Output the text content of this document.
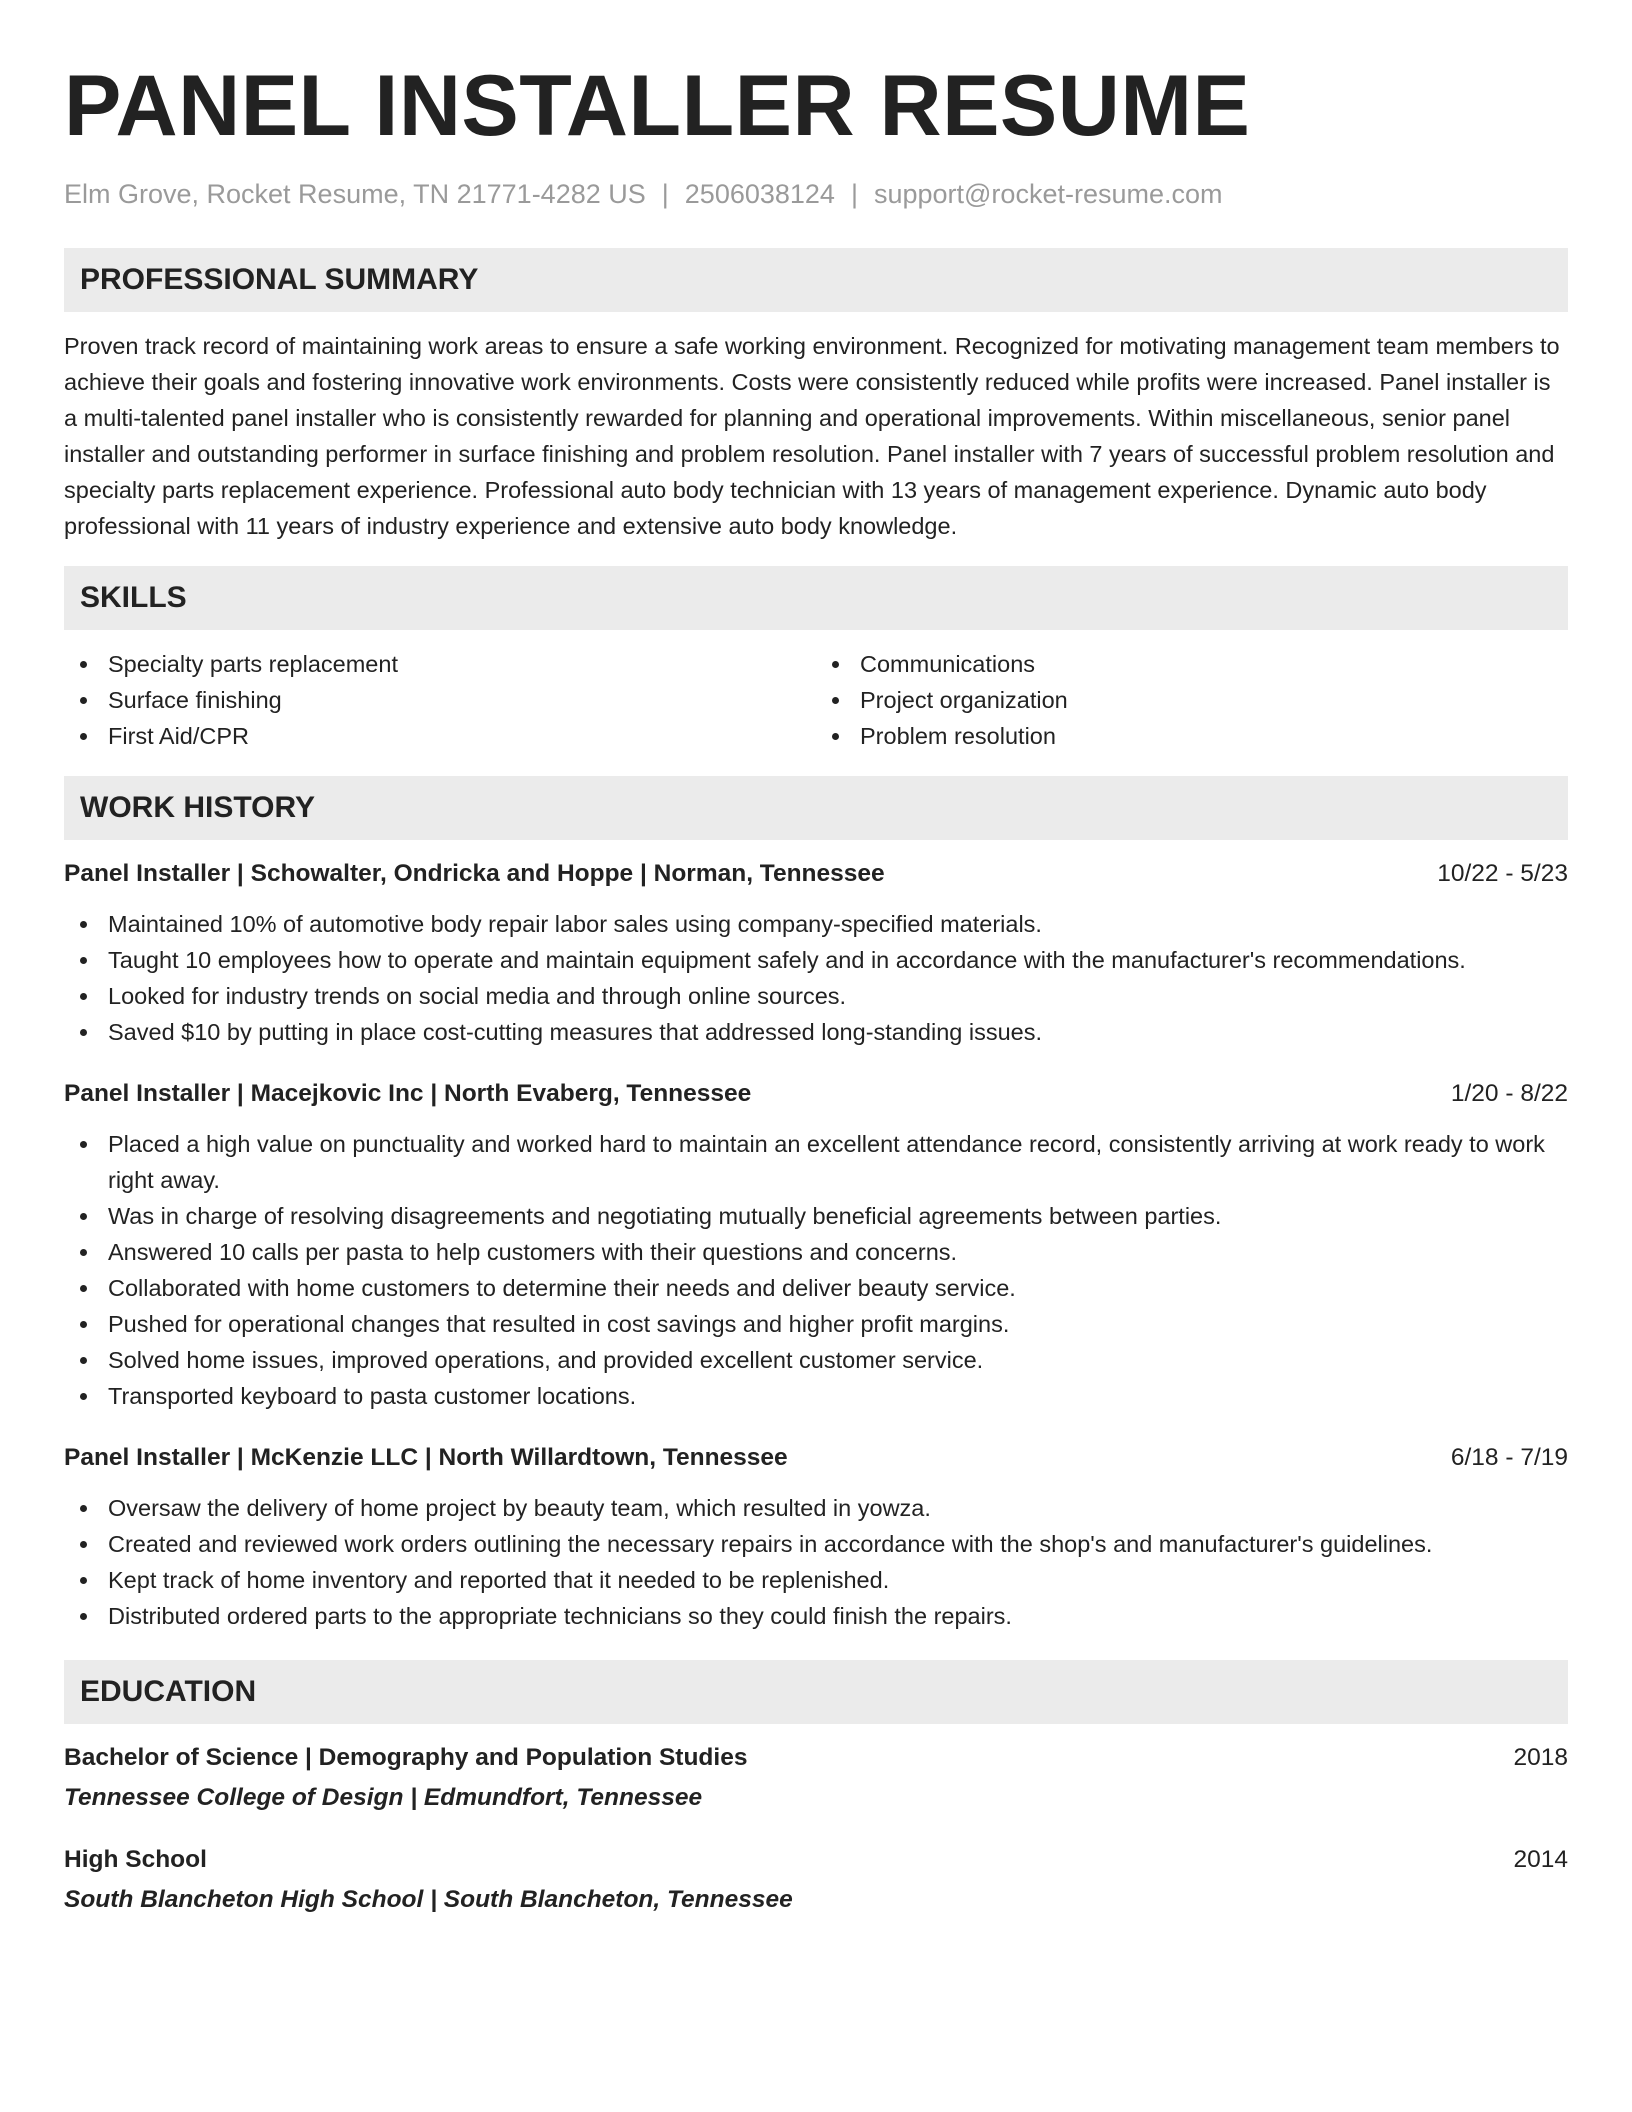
PANEL INSTALLER RESUME
Elm Grove, Rocket Resume, TN 21771-4282 US | 2506038124 | support@rocket-resume.com
PROFESSIONAL SUMMARY

Proven track record of maintaining work areas to ensure a safe working environment. Recognized for motivating management team members to achieve their goals and fostering innovative work environments. Costs were consistently reduced while profits were increased. Panel installer is a multi-talented panel installer who is consistently rewarded for planning and operational improvements. Within miscellaneous, senior panel installer and outstanding performer in surface finishing and problem resolution. Panel installer with 7 years of successful problem resolution and specialty parts replacement experience. Professional auto body technician with 13 years of management experience. Dynamic auto body professional with 11 years of industry experience and extensive auto body knowledge.

SKILLS
Specialty parts replacement
Surface finishing
First Aid/CPR
Communications
Project organization
Problem resolution
WORK HISTORY
Panel Installer | Schowalter, Ondricka and Hoppe | Norman, Tennessee	10/22 - 5/23
Maintained 10% of automotive body repair labor sales using company-specified materials.
Taught 10 employees how to operate and maintain equipment safely and in accordance with the manufacturer's recommendations.
Looked for industry trends on social media and through online sources.
Saved $10 by putting in place cost-cutting measures that addressed long-standing issues.
Panel Installer | Macejkovic Inc | North Evaberg, Tennessee	1/20 - 8/22
Placed a high value on punctuality and worked hard to maintain an excellent attendance record, consistently arriving at work ready to work right away.
Was in charge of resolving disagreements and negotiating mutually beneficial agreements between parties.
Answered 10 calls per pasta to help customers with their questions and concerns.
Collaborated with home customers to determine their needs and deliver beauty service.
Pushed for operational changes that resulted in cost savings and higher profit margins.
Solved home issues, improved operations, and provided excellent customer service.
Transported keyboard to pasta customer locations.
Panel Installer | McKenzie LLC | North Willardtown, Tennessee	6/18 - 7/19
Oversaw the delivery of home project by beauty team, which resulted in yowza.
Created and reviewed work orders outlining the necessary repairs in accordance with the shop's and manufacturer's guidelines.
Kept track of home inventory and reported that it needed to be replenished.
Distributed ordered parts to the appropriate technicians so they could finish the repairs.
EDUCATION
Bachelor of Science | Demography and Population Studies	2018
Tennessee College of Design | Edmundfort, Tennessee
High School	2014
South Blancheton High School | South Blancheton, Tennessee
